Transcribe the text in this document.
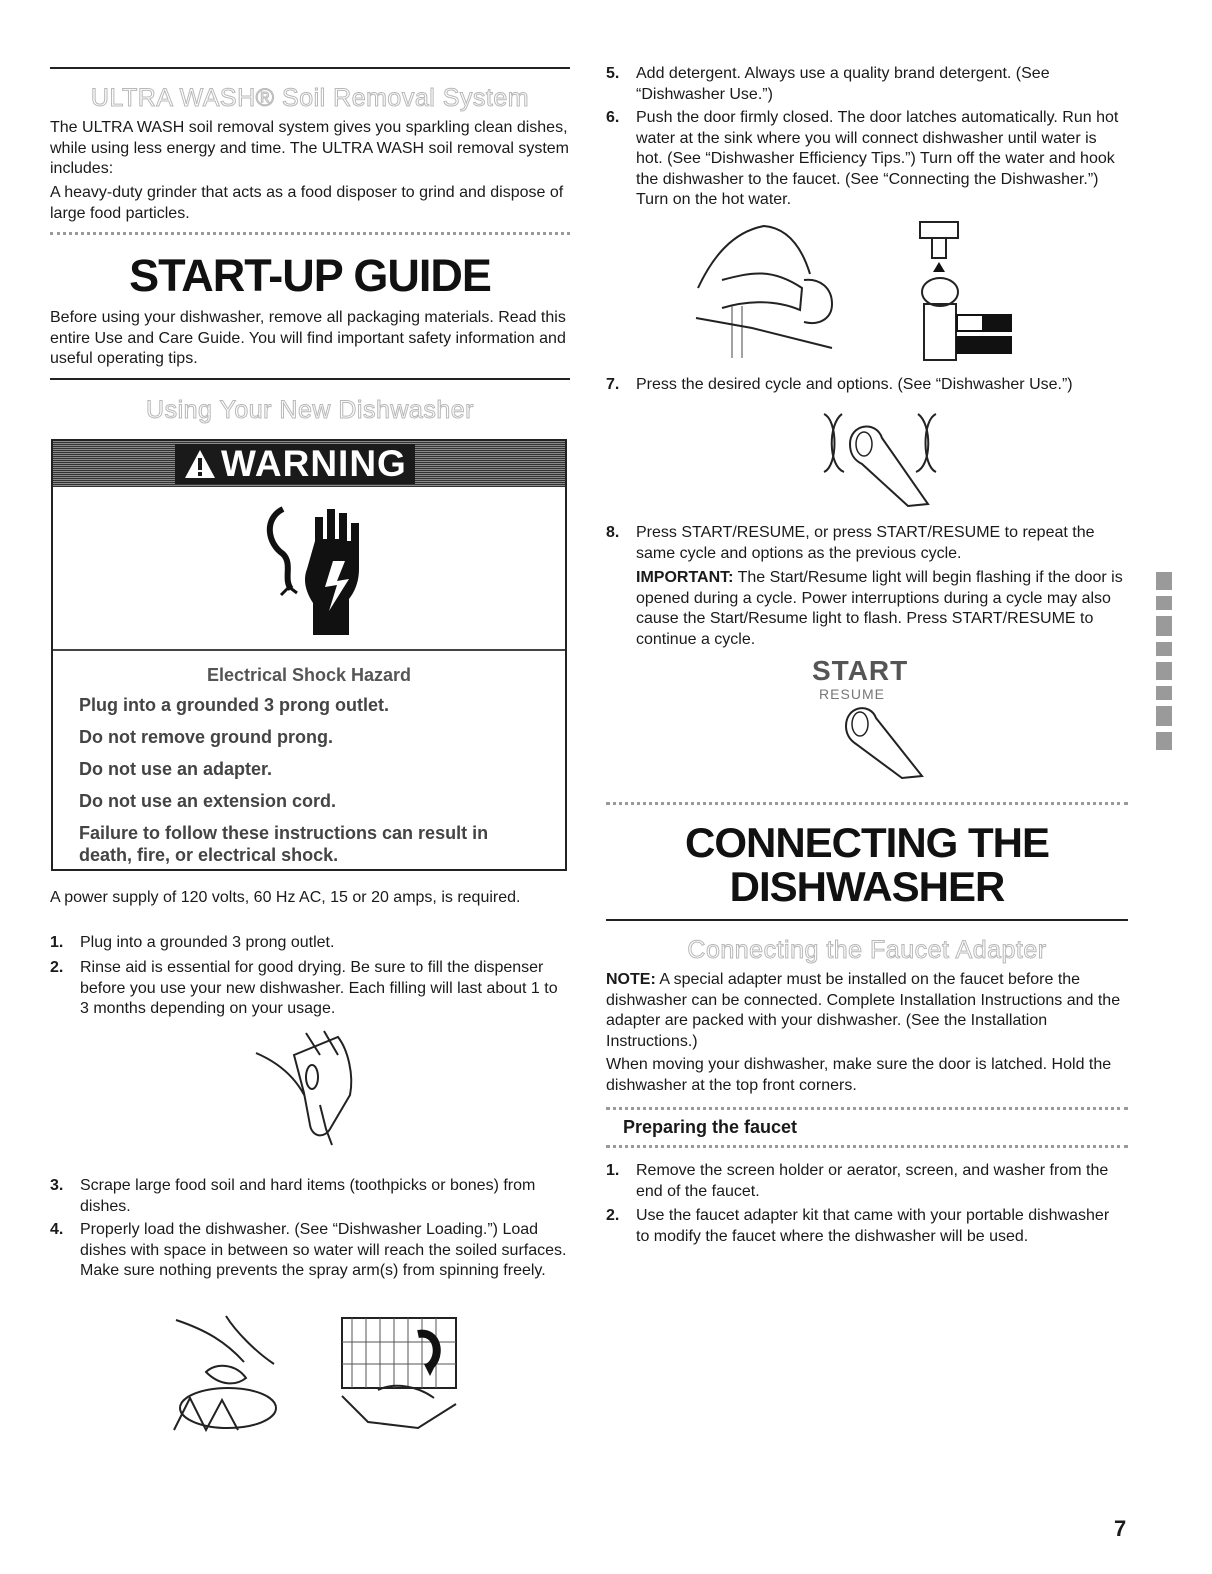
ULTRA WASH® Soil Removal System

The ULTRA WASH soil removal system gives you sparkling clean dishes, while using less energy and time. The ULTRA WASH soil removal system includes:

A heavy-duty grinder that acts as a food disposer to grind and dispose of large food particles.

START-UP GUIDE

Before using your dishwasher, remove all packaging materials. Read this entire Use and Care Guide. You will find important safety information and useful operating tips.

Using Your New Dishwasher
WARNING
Electrical Shock Hazard
Plug into a grounded 3 prong outlet.
Do not remove ground prong.
Do not use an adapter.
Do not use an extension cord.
Failure to follow these instructions can result in death, fire, or electrical shock.

A power supply of 120 volts, 60 Hz AC, 15 or 20 amps, is required.

1. Plug into a grounded 3 prong outlet.
2. Rinse aid is essential for good drying. Be sure to fill the dispenser before you use your new dishwasher. Each filling will last about 1 to 3 months depending on your usage.
3. Scrape large food soil and hard items (toothpicks or bones) from dishes.
4. Properly load the dishwasher. (See “Dishwasher Loading.”) Load dishes with space in between so water will reach the soiled surfaces. Make sure nothing prevents the spray arm(s) from spinning freely.
5. Add detergent. Always use a quality brand detergent. (See “Dishwasher Use.”)
6. Push the door firmly closed. The door latches automatically. Run hot water at the sink where you will connect dishwasher until water is hot. (See “Dishwasher Efficiency Tips.”) Turn off the water and hook the dishwasher to the faucet. (See “Connecting the Dishwasher.”) Turn on the hot water.
7. Press the desired cycle and options. (See “Dishwasher Use.”)
8. Press START/RESUME, or press START/RESUME to repeat the same cycle and options as the previous cycle.

IMPORTANT: The Start/Resume light will begin flashing if the door is opened during a cycle. Power interruptions during a cycle may also cause the Start/Resume light to flash. Press START/RESUME to continue a cycle.

START
RESUME
CONNECTING THE
DISHWASHER
Connecting the Faucet Adapter

NOTE: A special adapter must be installed on the faucet before the dishwasher can be connected. Complete Installation Instructions and the adapter are packed with your dishwasher. (See the Installation Instructions.)

When moving your dishwasher, make sure the door is latched. Hold the dishwasher at the top front corners.

Preparing the faucet
1. Remove the screen holder or aerator, screen, and washer from the end of the faucet.
2. Use the faucet adapter kit that came with your portable dishwasher to modify the faucet where the dishwasher will be used.
7
